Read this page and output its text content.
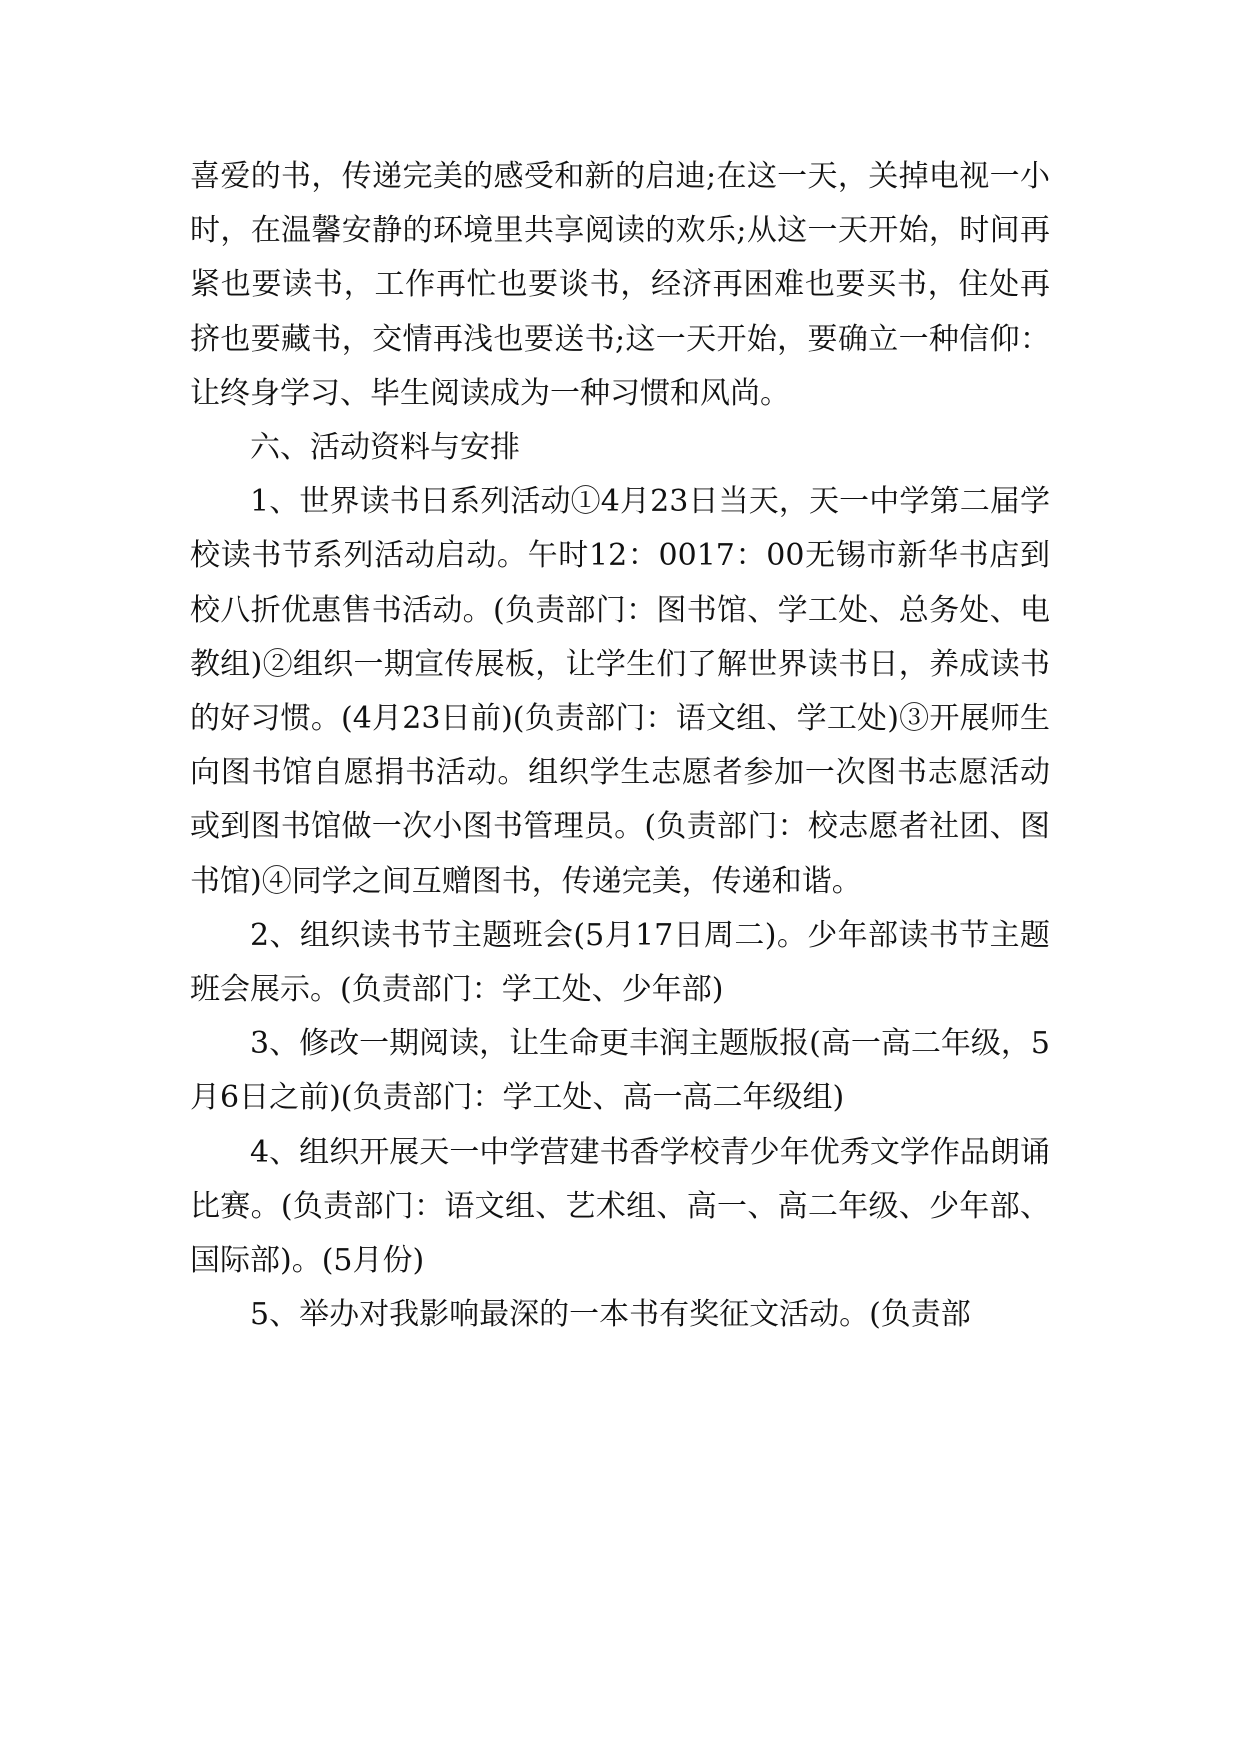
喜爱的书，传递完美的感受和新的启迪;在这一天，关掉电视一小时，在温馨安静的环境里共享阅读的欢乐;从这一天开始，时间再紧也要读书，工作再忙也要谈书，经济再困难也要买书，住处再挤也要藏书，交情再浅也要送书;这一天开始，要确立一种信仰：让终身学习、毕生阅读成为一种习惯和风尚。

六、活动资料与安排

1、世界读书日系列活动①4月23日当天，天一中学第二届学校读书节系列活动启动。午时12：0017：00无锡市新华书店到校八折优惠售书活动。(负责部门：图书馆、学工处、总务处、电教组)②组织一期宣传展板，让学生们了解世界读书日，养成读书的好习惯。(4月23日前)(负责部门：语文组、学工处)③开展师生向图书馆自愿捐书活动。组织学生志愿者参加一次图书志愿活动或到图书馆做一次小图书管理员。(负责部门：校志愿者社团、图书馆)④同学之间互赠图书，传递完美，传递和谐。

2、组织读书节主题班会(5月17日周二)。少年部读书节主题班会展示。(负责部门：学工处、少年部)

3、修改一期阅读，让生命更丰润主题版报(高一高二年级，5月6日之前)(负责部门：学工处、高一高二年级组)

4、组织开展天一中学营建书香学校青少年优秀文学作品朗诵比赛。(负责部门：语文组、艺术组、高一、高二年级、少年部、国际部)。(5月份)

5、举办对我影响最深的一本书有奖征文活动。(负责部
